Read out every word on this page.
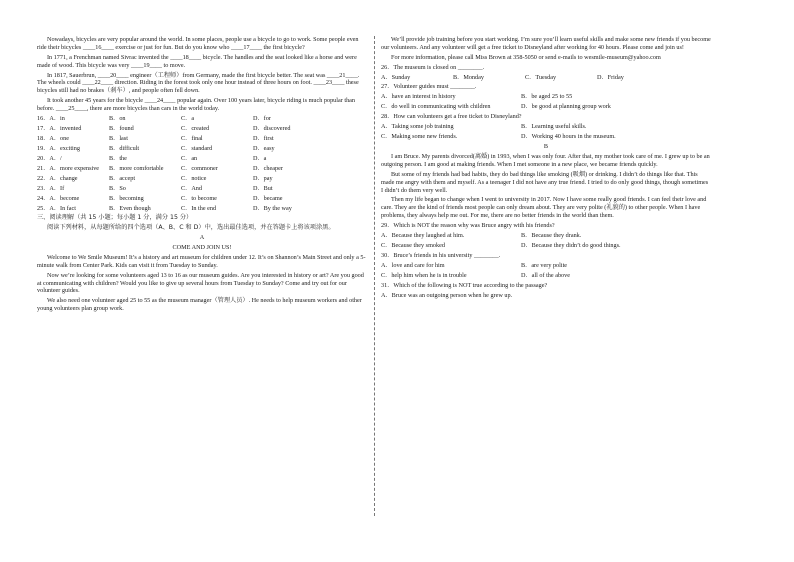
Nowadays, bicycles are very popular around the world. In some places, people use a bicycle to go to work. Some people even ride their bicycles ____16____ exercise or just for fun. But do you know who ____17____ the first bicycle?

In 1771, a Frenchman named Sivrac invented the ____18____ bicycle. The handles and the seat looked like a horse and were made of wood. This bicycle was very ____19____ to move.

In 1817, Sauerbrun, ____20____ engineer（工程师）from Germany, made the first bicycle better. The seat was ____21____. The wheels could ____22____ direction. Riding in the forest took only one hour instead of three hours on foot. ____23____ these bicycles still had no brakes（刹车）, and people often fell down.

It took another 45 years for the bicycle ____24____ popular again. Over 100 years later, bicycle riding is much popular than before. ____25____, there are more bicycles than cars in the world today.

16．A．in	B．on	C．a	D．for
17．A．invented	B．found	C．created	D．discovered
18．A．one	B．last	C．final	D．first
19．A．exciting	B．difficult	C．standard	D．easy
20．A．/	B．the	C．an	D．a
21．A．more expensive	B．more comfortable	C．commoner	D．cheaper
22．A．change	B．accept	C．notice	D．pay
23．A．If	B．So	C．And	D．But
24．A．become	B．becoming	C．to become	D．became
25．A．In fact	B．Even though	C．In the end	D．By the way

三、阅读理解（共 15 小题；每小题 1 分，满分 15 分）

阅读下列材料，从每题所给的四个选项（A、B、C 和 D）中，选出最佳选项，并在答题卡上将该项涂黑。

A

COME AND JOIN US!

Welcome to We Smile Museum! It’s a history and art museum for children under 12. It’s on Shannon’s Main Street and only a 5-minute walk from Center Park. Kids can visit it from Tuesday to Sunday.

Now we’re looking for some volunteers aged 13 to 16 as our museum guides. Are you interested in history or art? Are you good at communicating with children? Would you like to give up several hours from Tuesday to Sunday? Come and try out for our volunteer guides.

We also need one volunteer aged 25 to 55 as the museum manager（管理人员）. He needs to help museum workers and other young volunteers plan group work.

We’ll provide job training before you start working. I’m sure you’ll learn useful skills and make some new friends if you become our volunteers. And any volunteer will get a free ticket to Disneyland after working for 40 hours. Please come and join us!

For more information, please call Miss Brown at 358-5050 or send e-mails to wesmile-museum@yahoo.com

26．The museum is closed on ________.

A．Sunday	B．Monday	C．Tuesday	D．Friday

27．Volunteer guides must ________.

A．have an interest in history	B．be aged 25 to 55
C．do well in communicating with children	D．be good at planning group work

28．How can volunteers get a free ticket to Disneyland?

A．Taking some job training	B．Learning useful skills.
C．Making some new friends.	D．Working 40 hours in the museum.

B

I am Bruce. My parents divorced(离婚) in 1993, when I was only four. After that, my mother took care of me. I grew up to be an outgoing person. I am good at making friends. When I met someone in a new place, we became friends quickly.

But some of my friends had bad habits, they do bad things like smoking (吸烟) or drinking. I didn’t do things like that. This made me angry with them and myself. As a teenager I did not have any true friend. I tried to do only good things, though sometimes I didn’t do them very well.

Then my life began to change when I went to university in 2017. Now I have some really good friends. I can feel their love and care. They are the kind of friends most people can only dream about. They are very polite (礼貌的) to other people. When I have problems, they always help me out. For me, there are no better friends in the world than them.

29．Which is NOT the reason why was Bruce angry with his friends?

A．Because they laughed at him.	B．Because they drank.
C．Because they smoked	D．Because they didn’t do good things.

30．Bruce’s friends in his university ________.

A．love and care for him	B．are very polite
C．help him when he is in trouble	D．all of the above

31．Which of the following is NOT true according to the passage?

A．Bruce was an outgoing person when he grew up.
